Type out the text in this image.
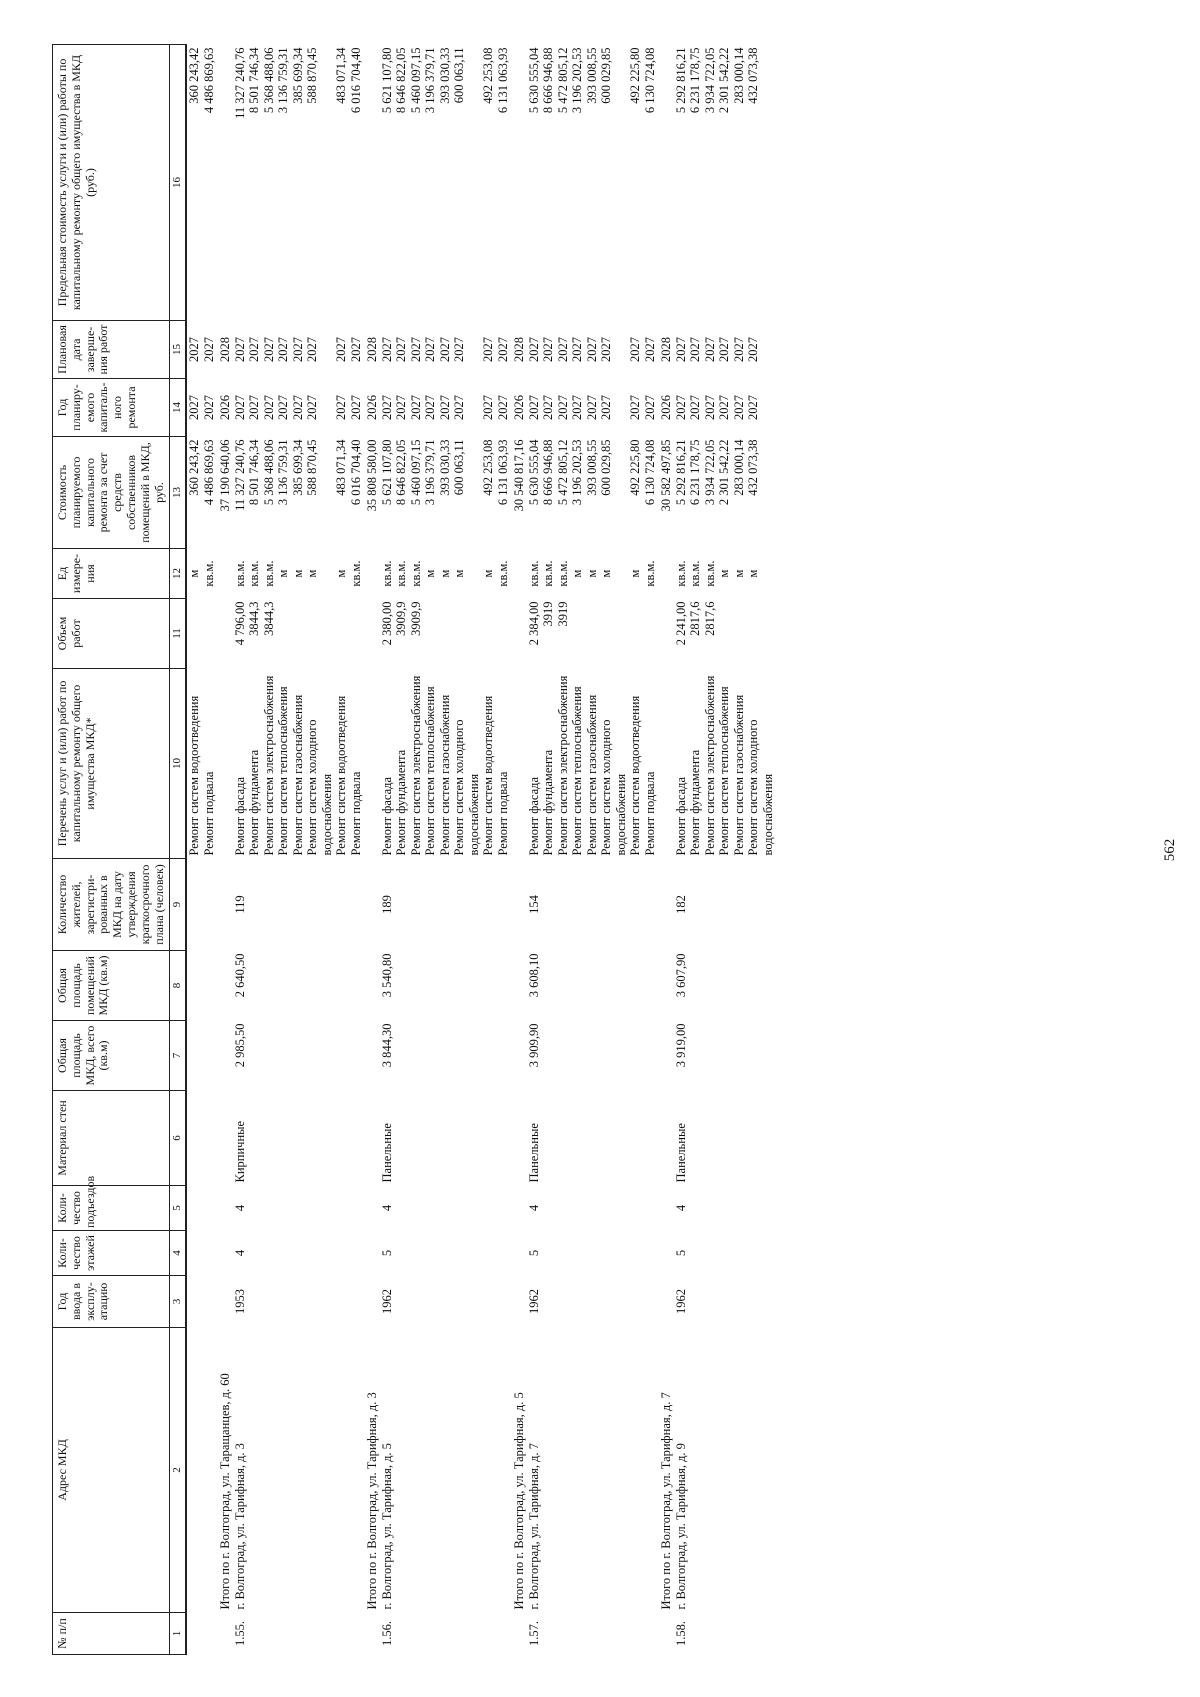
№ п/п	Адрес МКД	Год ввода в эксплу-атацию	Коли-чество этажей	Коли-чество подъездов	Материал стен	Общая площадь МКД, всего (кв.м)	Общая площадь помещений МКД (кв.м)	Количество жителей, зарегистри-рованных в МКД на дату утверждения краткосрочного плана (человек)	Перечень услуг и (или) работ по капитальному ремонту общего имущества МКД*	Объем работ	Ед измере-ния	Стоимость планируемого капитального ремонта за счет средств собственников помещений в МКД, руб.	Год планиру-емого капиталь-ного ремонта	Плановая дата заверше-ния работ	Предельная стоимость услуги и (или) работы по капитальному ремонту общего имущества в МКД (руб.)
1	2	3	4	5	6	7	8	9	10	11	12	13	14	15	16
									Ремонт систем водоотведения		м	360 243,42	2027	2027	360 243,42
									Ремонт подвала		кв.м.	4 486 869,63	2027	2027	4 486 869,63
	Итого по г. Волгоград, ул. Таращанцев, д. 60											37 190 640,06	2026	2028	
1.55.	г. Волгоград, ул. Тарифная, д. 3	1953	4	4	Кирпичные	2 985,50	2 640,50	119	Ремонт фасада	4 796,00	кв.м.	11 327 240,76	2027	2027	11 327 240,76
									Ремонт фундамента	3844,3	кв.м.	8 501 746,34	2027	2027	8 501 746,34
									Ремонт систем электроснабжения	3844,3	кв.м.	5 368 488,06	2027	2027	5 368 488,06
									Ремонт систем теплоснабжения		м	3 136 759,31	2027	2027	3 136 759,31
									Ремонт систем газоснабжения		м	385 699,34	2027	2027	385 699,34
									Ремонт систем холодного водоснабжения		м	588 870,45	2027	2027	588 870,45
									Ремонт систем водоотведения		м	483 071,34	2027	2027	483 071,34
									Ремонт подвала		кв.м.	6 016 704,40	2027	2027	6 016 704,40
	Итого по г. Волгоград, ул. Тарифная, д. 3											35 808 580,00	2026	2028	
1.56.	г. Волгоград, ул. Тарифная, д. 5	1962	5	4	Панельные	3 844,30	3 540,80	189	Ремонт фасада	2 380,00	кв.м.	5 621 107,80	2027	2027	5 621 107,80
									Ремонт фундамента	3909,9	кв.м.	8 646 822,05	2027	2027	8 646 822,05
									Ремонт систем электроснабжения	3909,9	кв.м.	5 460 097,15	2027	2027	5 460 097,15
									Ремонт систем теплоснабжения		м	3 196 379,71	2027	2027	3 196 379,71
									Ремонт систем газоснабжения		м	393 030,33	2027	2027	393 030,33
									Ремонт систем холодного водоснабжения		м	600 063,11	2027	2027	600 063,11
									Ремонт систем водоотведения		м	492 253,08	2027	2027	492 253,08
									Ремонт подвала		кв.м.	6 131 063,93	2027	2027	6 131 063,93
	Итого по г. Волгоград, ул. Тарифная, д. 5											30 540 817,16	2026	2028	
1.57.	г. Волгоград, ул. Тарифная, д. 7	1962	5	4	Панельные	3 909,90	3 608,10	154	Ремонт фасада	2 384,00	кв.м.	5 630 555,04	2027	2027	5 630 555,04
									Ремонт фундамента	3919	кв.м.	8 666 946,88	2027	2027	8 666 946,88
									Ремонт систем электроснабжения	3919	кв.м.	5 472 805,12	2027	2027	5 472 805,12
									Ремонт систем теплоснабжения		м	3 196 202,53	2027	2027	3 196 202,53
									Ремонт систем газоснабжения		м	393 008,55	2027	2027	393 008,55
									Ремонт систем холодного водоснабжения		м	600 029,85	2027	2027	600 029,85
									Ремонт систем водоотведения		м	492 225,80	2027	2027	492 225,80
									Ремонт подвала		кв.м.	6 130 724,08	2027	2027	6 130 724,08
	Итого по г. Волгоград, ул. Тарифная, д. 7											30 582 497,85	2026	2028	
1.58.	г. Волгоград, ул. Тарифная, д. 9	1962	5	4	Панельные	3 919,00	3 607,90	182	Ремонт фасада	2 241,00	кв.м.	5 292 816,21	2027	2027	5 292 816,21
									Ремонт фундамента	2817,6	кв.м.	6 231 178,75	2027	2027	6 231 178,75
									Ремонт систем электроснабжения	2817,6	кв.м.	3 934 722,05	2027	2027	3 934 722,05
									Ремонт систем теплоснабжения		м	2 301 542,22	2027	2027	2 301 542,22
									Ремонт систем газоснабжения		м	283 000,14	2027	2027	283 000,14
									Ремонт систем холодного водоснабжения		м	432 073,38	2027	2027	432 073,38
562
